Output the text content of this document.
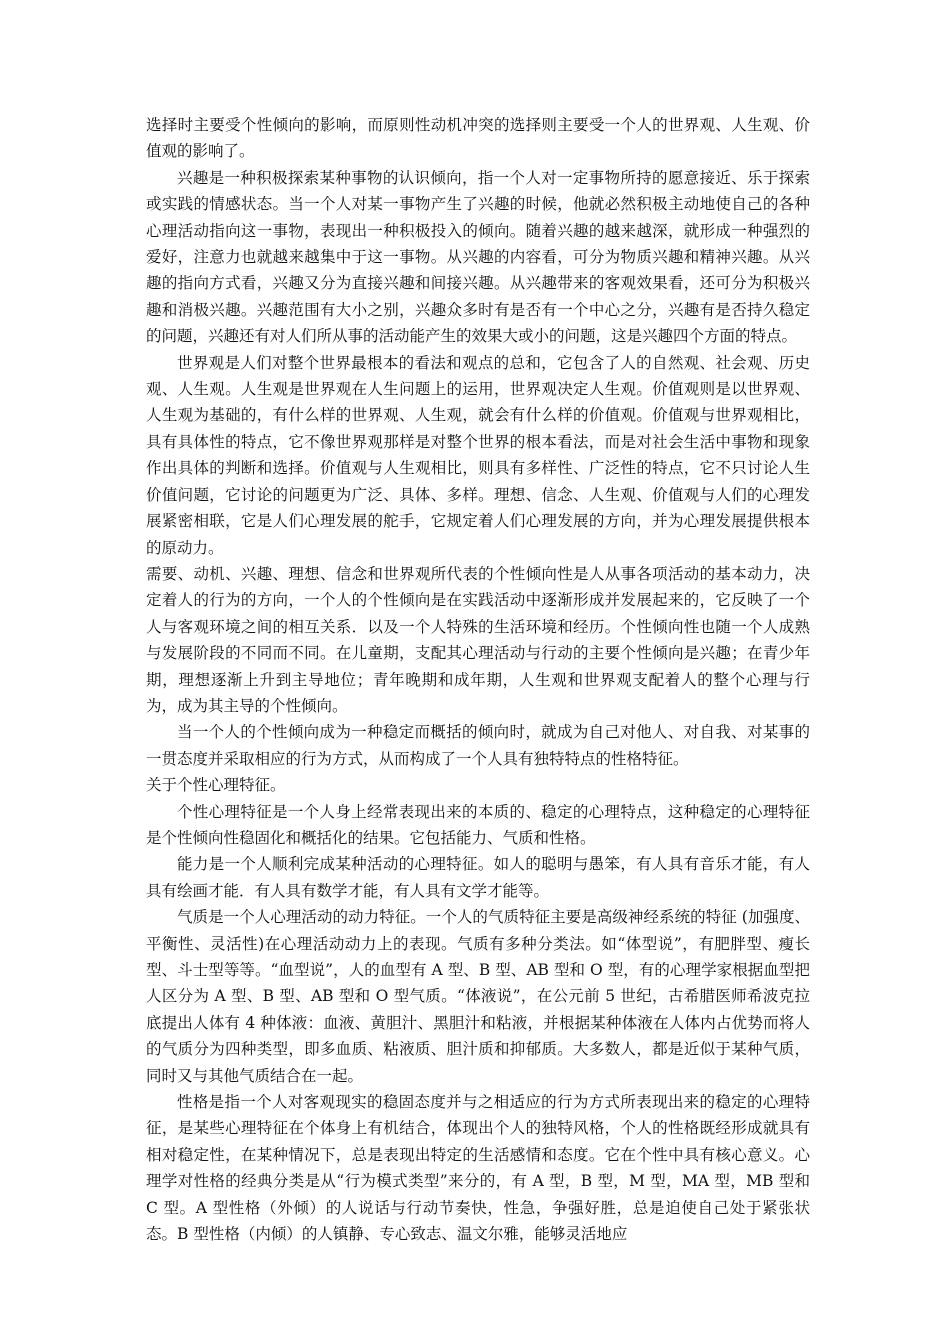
选择时主要受个性倾向的影响，而原则性动机冲突的选择则主要受一个人的世界观、人生观、价值观的影响了。

兴趣是一种积极探索某种事物的认识倾向，指一个人对一定事物所持的愿意接近、乐于探索或实践的情感状态。当一个人对某一事物产生了兴趣的时候，他就必然积极主动地使自己的各种心理活动指向这一事物，表现出一种积极投入的倾向。随着兴趣的越来越深，就形成一种强烈的爱好，注意力也就越来越集中于这一事物。从兴趣的内容看，可分为物质兴趣和精神兴趣。从兴趣的指向方式看，兴趣又分为直接兴趣和间接兴趣。从兴趣带来的客观效果看，还可分为积极兴趣和消极兴趣。兴趣范围有大小之别，兴趣众多时有是否有一个中心之分，兴趣有是否持久稳定的问题，兴趣还有对人们所从事的活动能产生的效果大或小的问题，这是兴趣四个方面的特点。

世界观是人们对整个世界最根本的看法和观点的总和，它包含了人的自然观、社会观、历史观、人生观。人生观是世界观在人生问题上的运用，世界观决定人生观。价值观则是以世界观、人生观为基础的，有什么样的世界观、人生观，就会有什么样的价值观。价值观与世界观相比，具有具体性的特点，它不像世界观那样是对整个世界的根本看法，而是对社会生活中事物和现象作出具体的判断和选择。价值观与人生观相比，则具有多样性、广泛性的特点，它不只讨论人生价值问题，它讨论的问题更为广泛、具体、多样。理想、信念、人生观、价值观与人们的心理发展紧密相联，它是人们心理发展的舵手，它规定着人们心理发展的方向，并为心理发展提供根本的原动力。

需要、动机、兴趣、理想、信念和世界观所代表的个性倾向性是人从事各项活动的基本动力，决定着人的行为的方向，一个人的个性倾向是在实践活动中逐渐形成并发展起来的，它反映了一个人与客观环境之间的相互关系．以及一个人特殊的生活环境和经历。个性倾向性也随一个人成熟与发展阶段的不同而不同。在儿童期，支配其心理活动与行动的主要个性倾向是兴趣；在青少年期，理想逐渐上升到主导地位；青年晚期和成年期，人生观和世界观支配着人的整个心理与行为，成为其主导的个性倾向。

当一个人的个性倾向成为一种稳定而概括的倾向时，就成为自己对他人、对自我、对某事的一贯态度并采取相应的行为方式，从而构成了一个人具有独特特点的性格特征。

关于个性心理特征。

个性心理特征是一个人身上经常表现出来的本质的、稳定的心理特点，这种稳定的心理特征是个性倾向性稳固化和概括化的结果。它包括能力、气质和性格。

能力是一个人顺利完成某种活动的心理特征。如人的聪明与愚笨，有人具有音乐才能，有人具有绘画才能．有人具有数学才能，有人具有文学才能等。

气质是一个人心理活动的动力特征。一个人的气质特征主要是高级神经系统的特征 (加强度、平衡性、灵活性)在心理活动动力上的表现。气质有多种分类法。如“体型说”，有肥胖型、瘦长型、斗士型等等。“血型说”，人的血型有 A 型、B 型、AB 型和 O 型，有的心理学家根据血型把人区分为 A 型、B 型、AB 型和 O 型气质。“体液说”，在公元前 5 世纪，古希腊医师希波克拉底提出人体有 4 种体液：血液、黄胆汁、黑胆汁和粘液，并根据某种体液在人体内占优势而将人的气质分为四种类型，即多血质、粘液质、胆汁质和抑郁质。大多数人，都是近似于某种气质，同时又与其他气质结合在一起。

性格是指一个人对客观现实的稳固态度并与之相适应的行为方式所表现出来的稳定的心理特征，是某些心理特征在个体身上有机结合，体现出个人的独特风格，个人的性格既经形成就具有相对稳定性，在某种情况下，总是表现出特定的生活感情和态度。它在个性中具有核心意义。心理学对性格的经典分类是从“行为模式类型”来分的，有 A 型，B 型，M 型，MA 型，MB 型和 C 型。A 型性格（外倾）的人说话与行动节奏快，性急，争强好胜，总是迫使自己处于紧张状态。B 型性格（内倾）的人镇静、专心致志、温文尔雅，能够灵活地应
